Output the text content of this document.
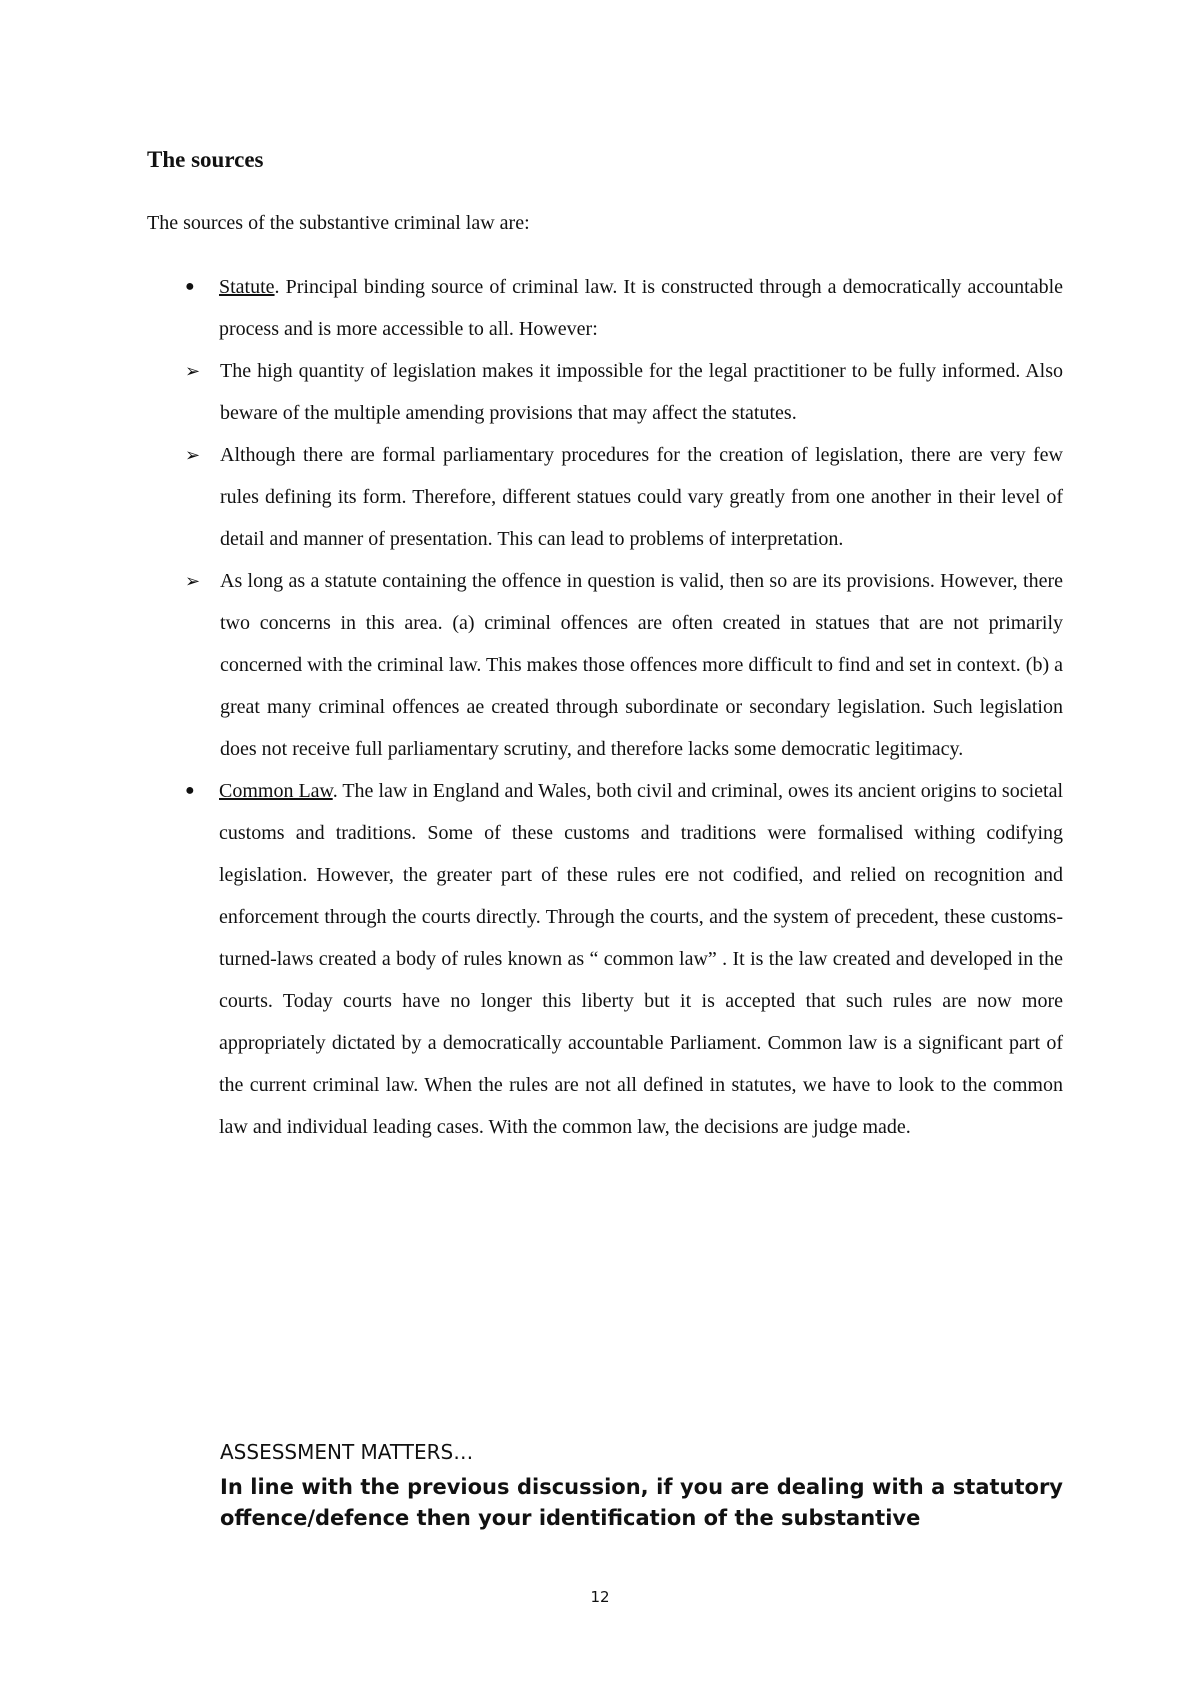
The sources

The sources of the substantive criminal law are:

● Statute. Principal binding source of criminal law. It is constructed through a democratically accountable process and is more accessible to all. However:
➢ The high quantity of legislation makes it impossible for the legal practitioner to be fully informed. Also beware of the multiple amending provisions that may affect the statutes.
➢ Although there are formal parliamentary procedures for the creation of legislation, there are very few rules defining its form. Therefore, different statues could vary greatly from one another in their level of detail and manner of presentation. This can lead to problems of interpretation.
➢ As long as a statute containing the offence in question is valid, then so are its provisions. However, there two concerns in this area. (a) criminal offences are often created in statues that are not primarily concerned with the criminal law. This makes those offences more difficult to find and set in context. (b) a great many criminal offences ae created through subordinate or secondary legislation. Such legislation does not receive full parliamentary scrutiny, and therefore lacks some democratic legitimacy.
● Common Law. The law in England and Wales, both civil and criminal, owes its ancient origins to societal customs and traditions. Some of these customs and traditions were formalised withing codifying legislation. However, the greater part of these rules ere not codified, and relied on recognition and enforcement through the courts directly. Through the courts, and the system of precedent, these customs-turned-laws created a body of rules known as “ common law” . It is the law created and developed in the courts. Today courts have no longer this liberty but it is accepted that such rules are now more appropriately dictated by a democratically accountable Parliament. Common law is a significant part of the current criminal law. When the rules are not all defined in statutes, we have to look to the common law and individual leading cases. With the common law, the decisions are judge made.
ASSESSMENT MATTERS…

In line with the previous discussion, if you are dealing with a statutory offence/defence then your identification of the substantive

12
